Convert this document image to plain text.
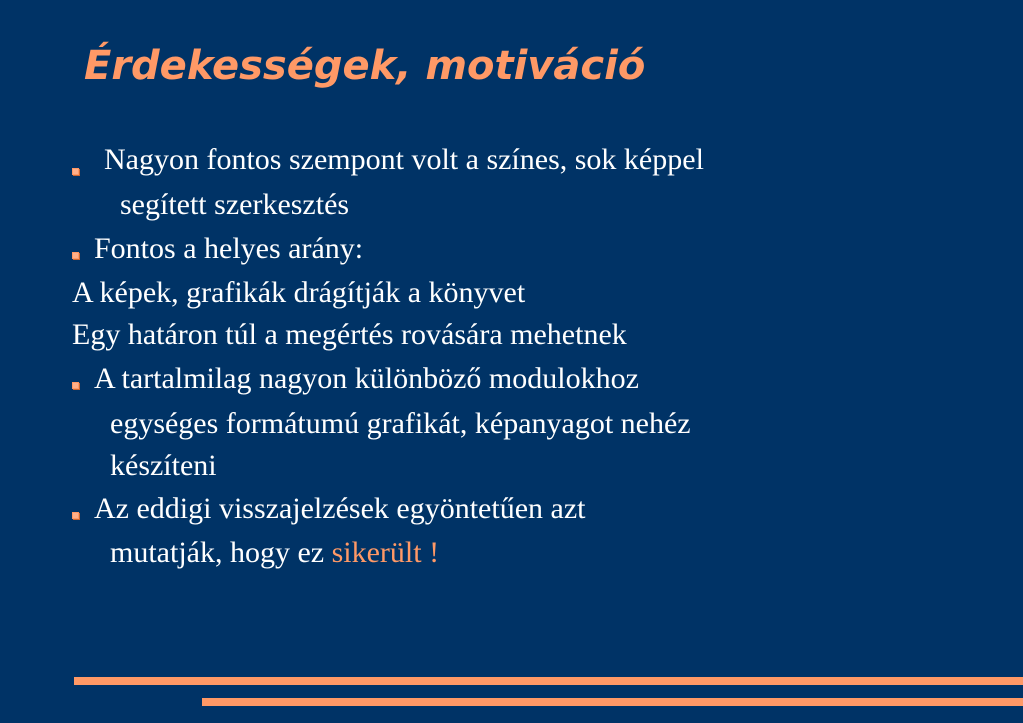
Érdekességek, motiváció
Nagyon fontos szempont volt a színes, sok képpel
segített szerkesztés
Fontos a helyes arány:
A képek, grafikák drágítják a könyvet
Egy határon túl a megértés rovására mehetnek
A tartalmilag nagyon különböző modulokhoz
egységes formátumú grafikát, képanyagot nehéz
készíteni
Az eddigi visszajelzések egyöntetűen azt
mutatják, hogy ez sikerült !
